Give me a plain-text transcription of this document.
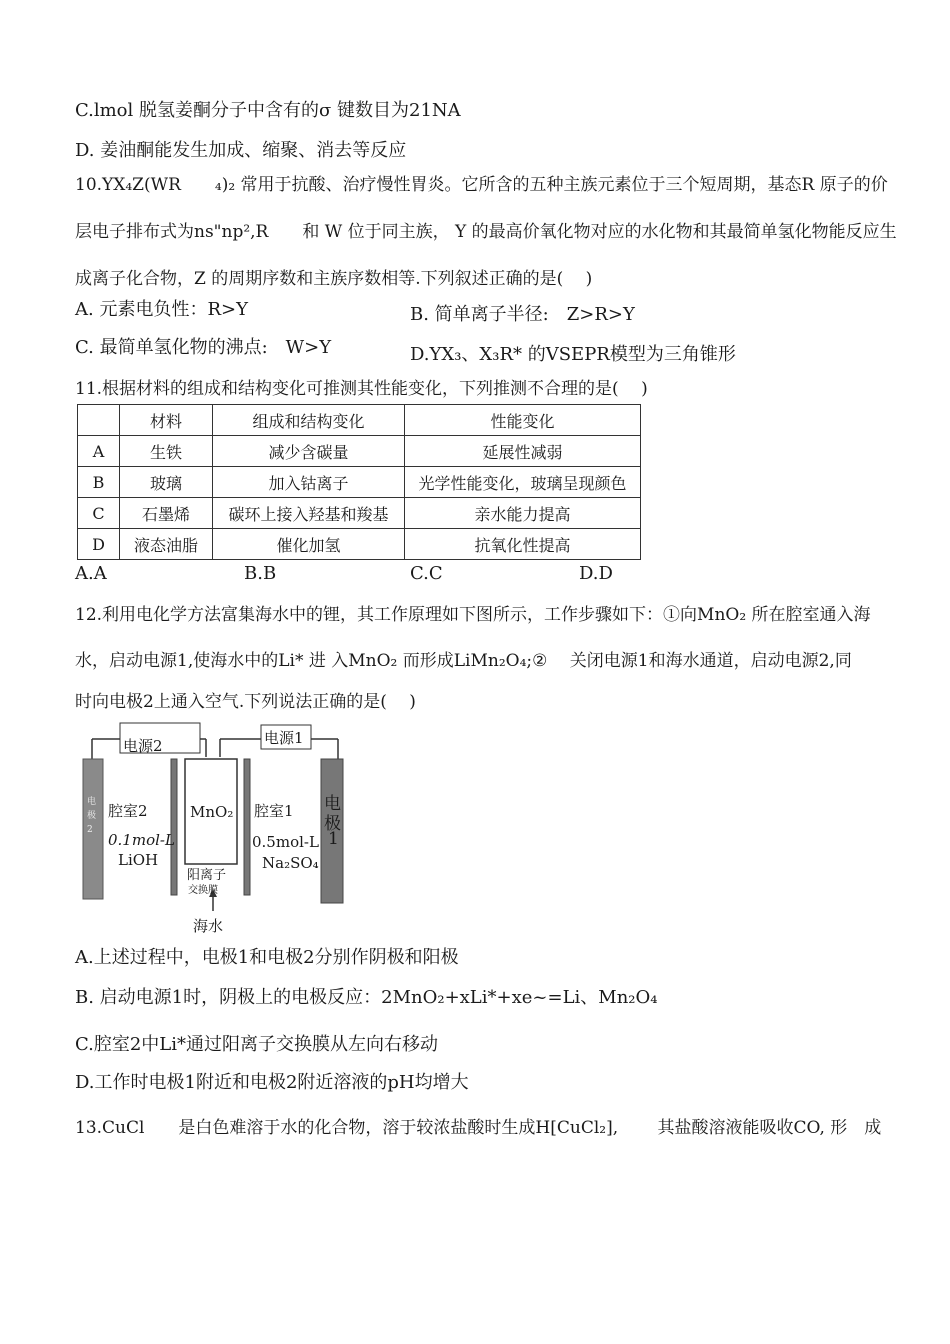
C.lmol 脱氢姜酮分子中含有的σ 键数目为21NA
D. 姜油酮能发生加成、缩聚、消去等反应
10.YX₄Z(WR　　₄)₂ 常用于抗酸、治疗慢性胃炎。它所含的五种主族元素位于三个短周期，基态R 原子的价
层电子排布式为ns"np²,R　　和 W 位于同主族， Y 的最高价氧化物对应的水化物和其最简单氢化物能反应生
成离子化合物，Z 的周期序数和主族序数相等.下列叙述正确的是(　 )
A. 元素电负性：R>Y	B. 简单离子半径:　Z>R>Y
C. 最简单氢化物的沸点:　W>Y	D.YX₃、X₃R* 的VSEPR模型为三角锥形
11.根据材料的组成和结构变化可推测其性能变化，下列推测不合理的是(　 )
	材料	组成和结构变化	性能变化
A	生铁	减少含碳量	延展性减弱
B	玻璃	加入钴离子	光学性能变化，玻璃呈现颜色
C	石墨烯	碳环上接入羟基和羧基	亲水能力提高
D	液态油脂	催化加氢	抗氧化性提高
A.A	B.B	C.C	D.D
12.利用电化学方法富集海水中的锂，其工作原理如下图所示，工作步骤如下：①向MnO₂ 所在腔室通入海
水，启动电源1,使海水中的Li* 进 入MnO₂ 而形成LiMn₂O₄;②　 关闭电源1和海水通道，启动电源2,同
时向电极2上通入空气.下列说法正确的是(　 )
电源2	电源1
电极2
腔室2
0.1mol-L
LiOH
MnO₂
阳离子
交换膜
腔室1
0.5mol-L
Na₂SO₄
电
极
1
海水
A.上述过程中，电极1和电极2分别作阴极和阳极
B. 启动电源1时，阴极上的电极反应：2MnO₂+xLi*+xe~=Li、Mn₂O₄
C.腔室2中Li*通过阳离子交换膜从左向右移动
D.工作时电极1附近和电极2附近溶液的pH均增大
13.CuCl　　是白色难溶于水的化合物，溶于较浓盐酸时生成H[CuCl₂],　　 其盐酸溶液能吸收CO, 形　成
